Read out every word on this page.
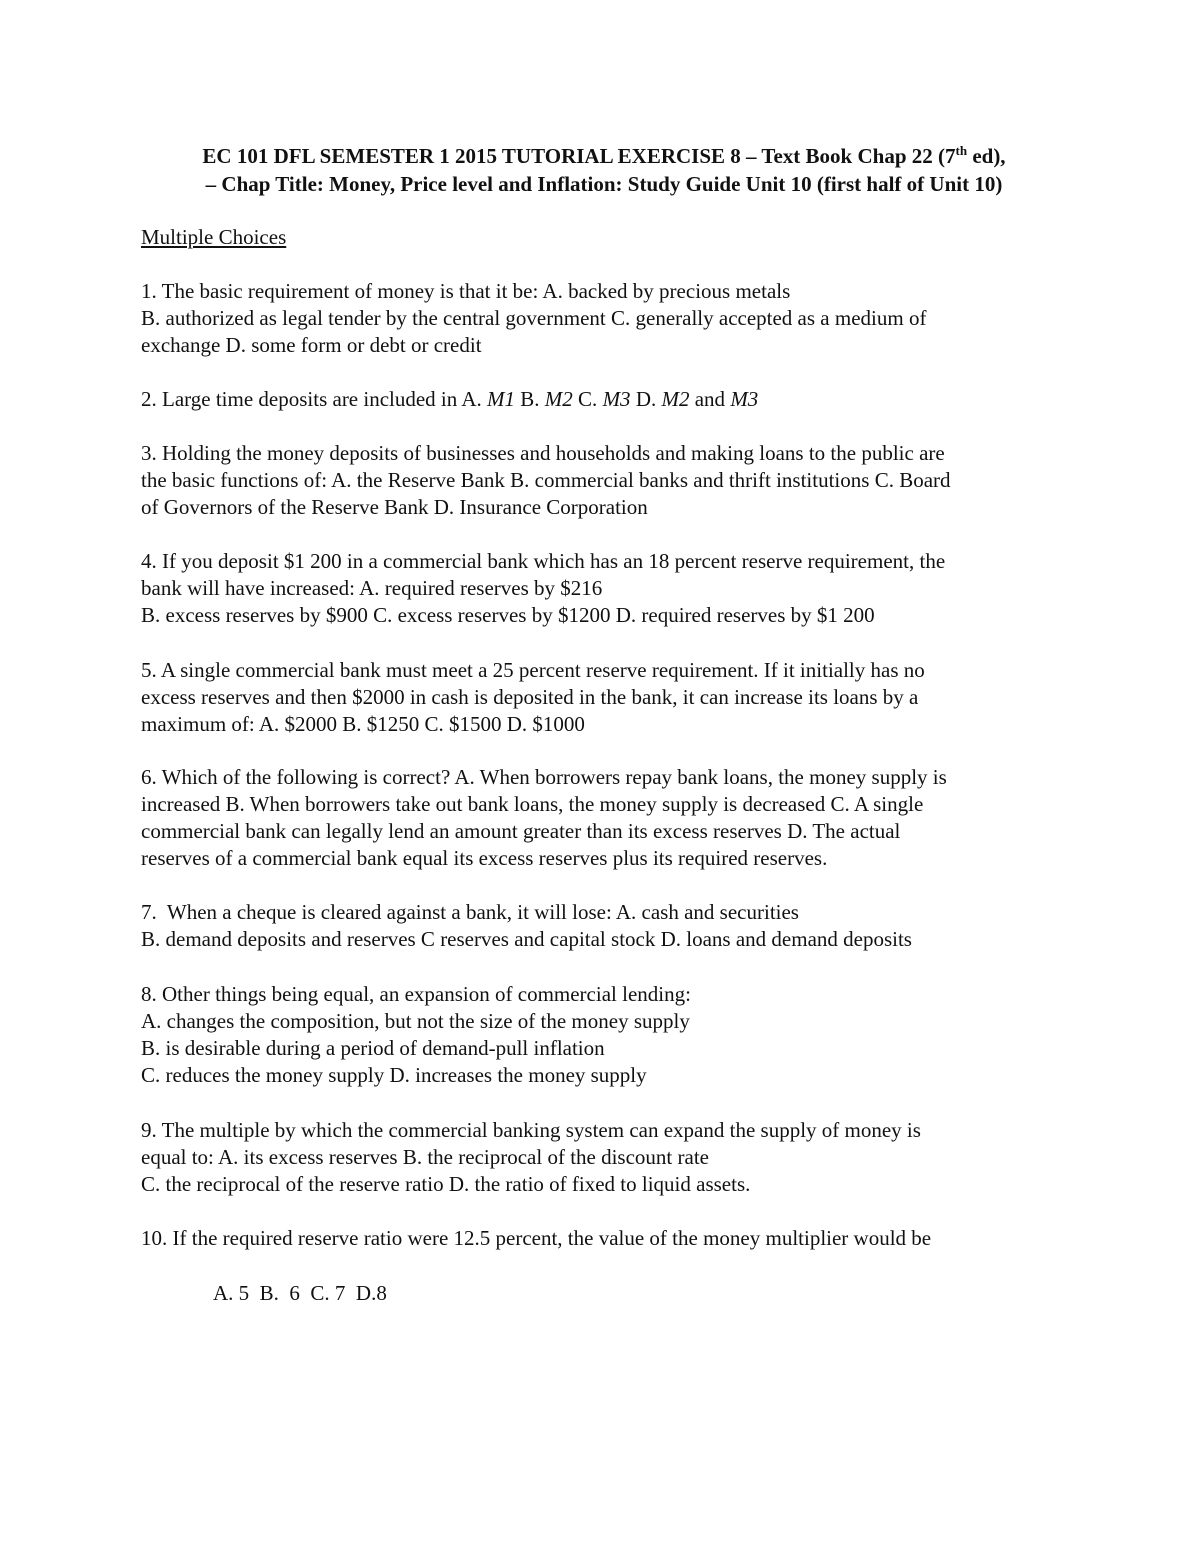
EC 101 DFL SEMESTER 1 2015 TUTORIAL EXERCISE 8 – Text Book Chap 22 (7th ed),
– Chap Title: Money, Price level and Inflation: Study Guide Unit 10 (first half of Unit 10)
Multiple Choices

1. The basic requirement of money is that it be: A. backed by precious metals
B. authorized as legal tender by the central government C. generally accepted as a medium of
exchange D. some form or debt or credit

2. Large time deposits are included in A. M1 B. M2 C. M3 D. M2 and M3

3. Holding the money deposits of businesses and households and making loans to the public are
the basic functions of: A. the Reserve Bank B. commercial banks and thrift institutions C. Board
of Governors of the Reserve Bank D. Insurance Corporation

4. If you deposit $1 200 in a commercial bank which has an 18 percent reserve requirement, the
bank will have increased: A. required reserves by $216
B. excess reserves by $900 C. excess reserves by $1200 D. required reserves by $1 200

5. A single commercial bank must meet a 25 percent reserve requirement. If it initially has no
excess reserves and then $2000 in cash is deposited in the bank, it can increase its loans by a
maximum of: A. $2000 B. $1250 C. $1500 D. $1000

6. Which of the following is correct? A. When borrowers repay bank loans, the money supply is
increased B. When borrowers take out bank loans, the money supply is decreased C. A single
commercial bank can legally lend an amount greater than its excess reserves D. The actual
reserves of a commercial bank equal its excess reserves plus its required reserves.

7.  When a cheque is cleared against a bank, it will lose: A. cash and securities
B. demand deposits and reserves C reserves and capital stock D. loans and demand deposits

8. Other things being equal, an expansion of commercial lending:
A. changes the composition, but not the size of the money supply
B. is desirable during a period of demand-pull inflation
C. reduces the money supply D. increases the money supply

9. The multiple by which the commercial banking system can expand the supply of money is
equal to: A. its excess reserves B. the reciprocal of the discount rate
C. the reciprocal of the reserve ratio D. the ratio of fixed to liquid assets.

10. If the required reserve ratio were 12.5 percent, the value of the money multiplier would be

A. 5  B.  6  C. 7  D.8
